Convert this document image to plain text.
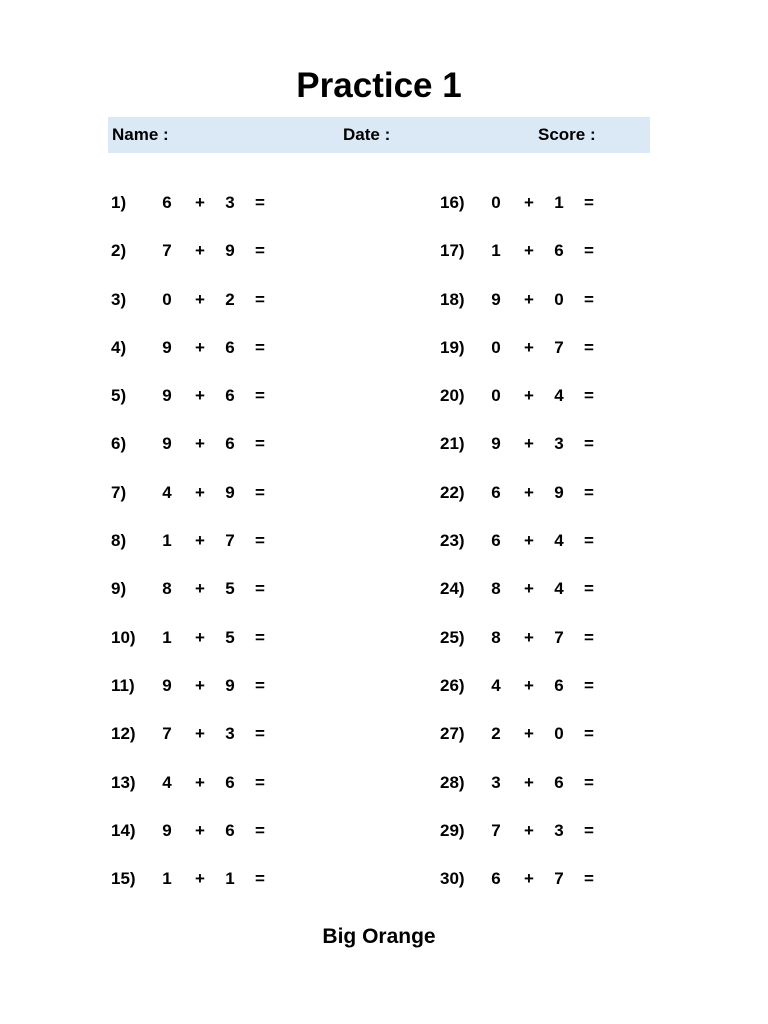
Practice 1
Name :	Date :	Score :
1) 6 + 3 =
2) 7 + 9 =
3) 0 + 2 =
4) 9 + 6 =
5) 9 + 6 =
6) 9 + 6 =
7) 4 + 9 =
8) 1 + 7 =
9) 8 + 5 =
10) 1 + 5 =
11) 9 + 9 =
12) 7 + 3 =
13) 4 + 6 =
14) 9 + 6 =
15) 1 + 1 =
16) 0 + 1 =
17) 1 + 6 =
18) 9 + 0 =
19) 0 + 7 =
20) 0 + 4 =
21) 9 + 3 =
22) 6 + 9 =
23) 6 + 4 =
24) 8 + 4 =
25) 8 + 7 =
26) 4 + 6 =
27) 2 + 0 =
28) 3 + 6 =
29) 7 + 3 =
30) 6 + 7 =
Big Orange
